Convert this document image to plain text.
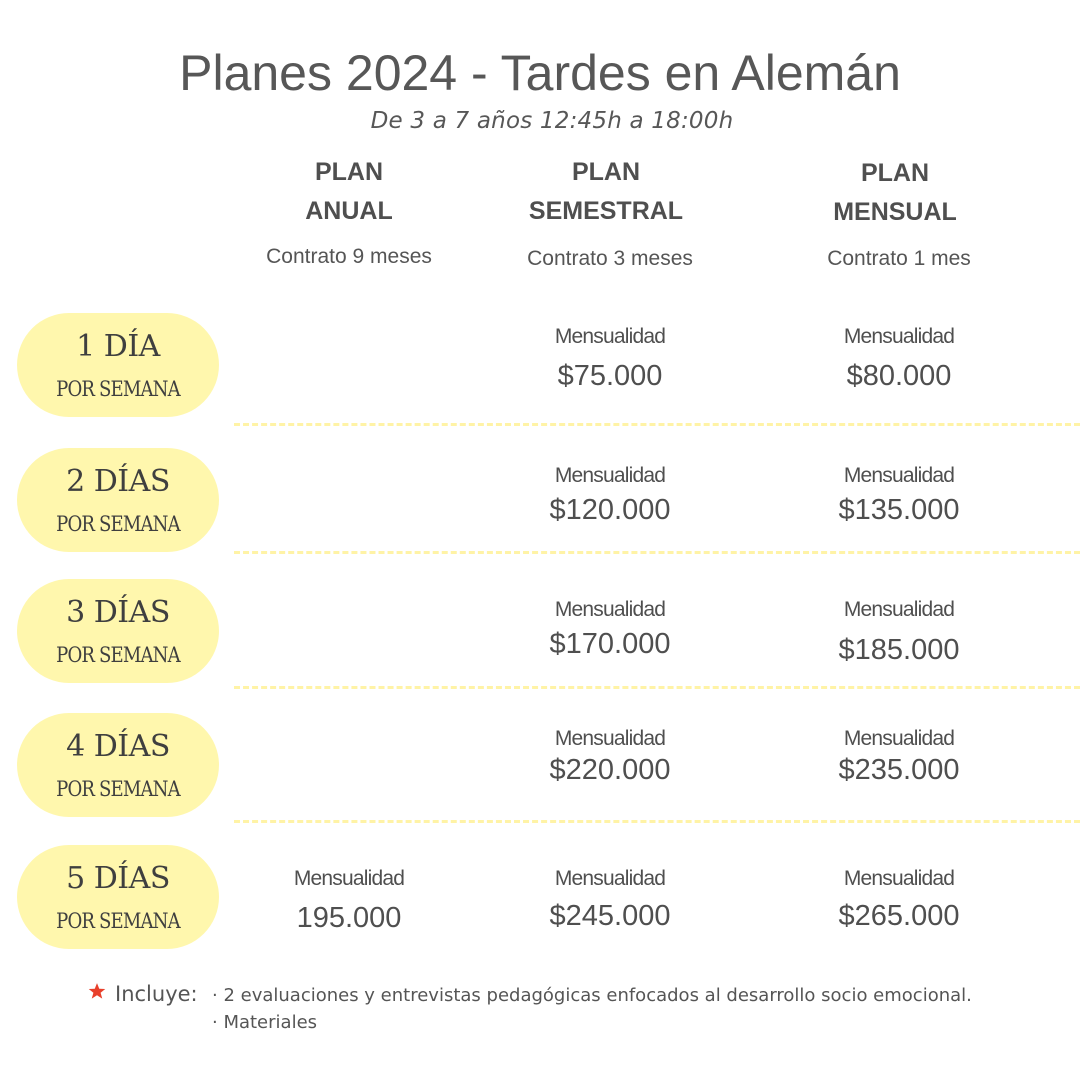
Planes 2024 - Tardes en Alemán
De 3 a 7 años 12:45h a 18:00h
PLAN
ANUAL
Contrato 9 meses
PLAN
SEMESTRAL
Contrato 3 meses
PLAN
MENSUAL
Contrato 1 mes
1 DÍA
POR SEMANA
Mensualidad
$75.000
Mensualidad
$80.000
2 DÍAS
POR SEMANA
Mensualidad
$120.000
Mensualidad
$135.000
3 DÍAS
POR SEMANA
Mensualidad
$170.000
Mensualidad
$185.000
4 DÍAS
POR SEMANA
Mensualidad
$220.000
Mensualidad
$235.000
5 DÍAS
POR SEMANA
Mensualidad
195.000
Mensualidad
$245.000
Mensualidad
$265.000
Incluye: · 2 evaluaciones y entrevistas pedagógicas enfocados al desarrollo socio emocional.
· Materiales
